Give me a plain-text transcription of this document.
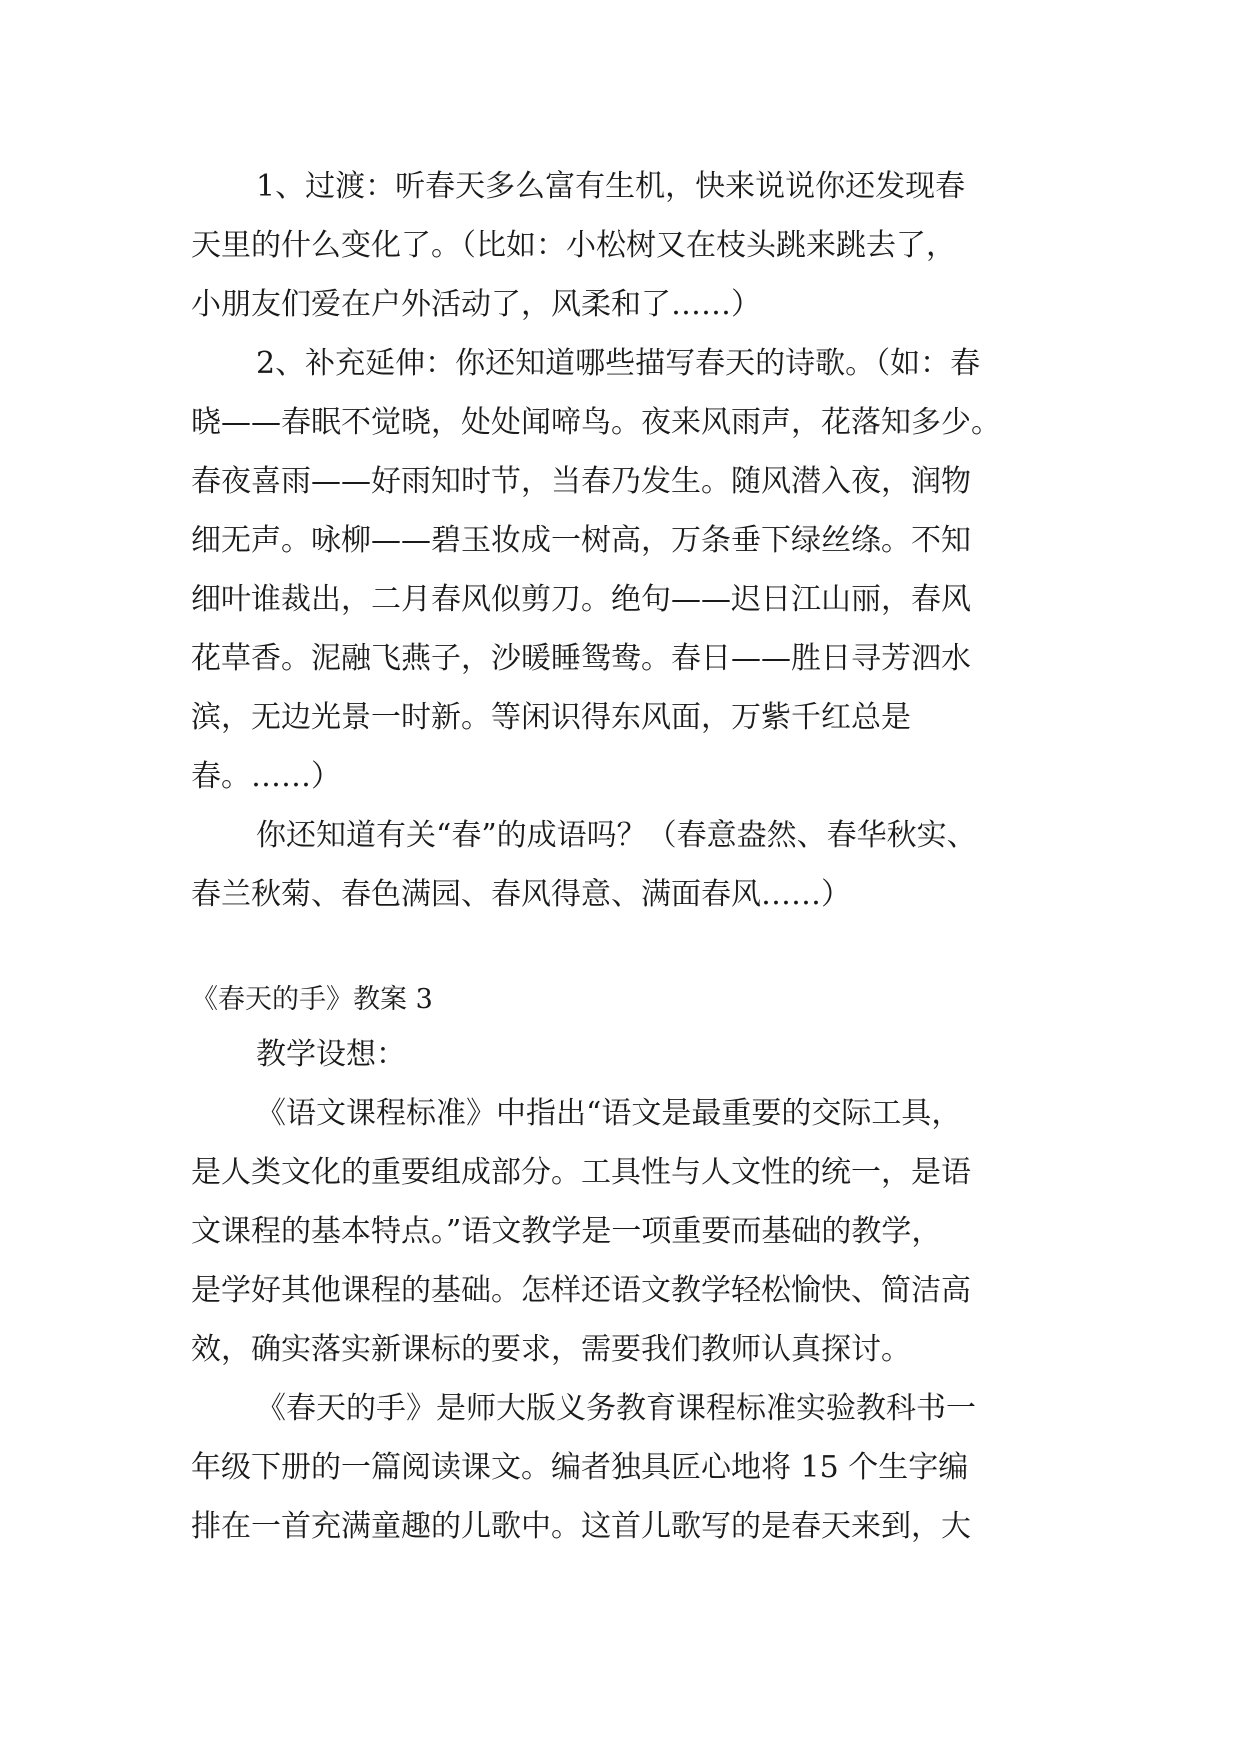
1、过渡：听春天多么富有生机，快来说说你还发现春
天里的什么变化了。（比如：小松树又在枝头跳来跳去了，
小朋友们爱在户外活动了，风柔和了……）
2、补充延伸：你还知道哪些描写春天的诗歌。（如：春
晓——春眠不觉晓，处处闻啼鸟。夜来风雨声，花落知多少。
春夜喜雨——好雨知时节，当春乃发生。随风潜入夜，润物
细无声。咏柳——碧玉妆成一树高，万条垂下绿丝绦。不知
细叶谁裁出，二月春风似剪刀。绝句——迟日江山丽，春风
花草香。泥融飞燕子，沙暖睡鸳鸯。春日——胜日寻芳泗水
滨，无边光景一时新。等闲识得东风面，万紫千红总是
春。……）
你还知道有关“春”的成语吗？（春意盎然、春华秋实、
春兰秋菊、春色满园、春风得意、满面春风……）
《春天的手》教案 3
教学设想：
《语文课程标准》中指出“语文是最重要的交际工具，
是人类文化的重要组成部分。工具性与人文性的统一，是语
文课程的基本特点。”语文教学是一项重要而基础的教学，
是学好其他课程的基础。怎样还语文教学轻松愉快、简洁高
效，确实落实新课标的要求，需要我们教师认真探讨。
《春天的手》是师大版义务教育课程标准实验教科书一
年级下册的一篇阅读课文。编者独具匠心地将 15 个生字编
排在一首充满童趣的儿歌中。这首儿歌写的是春天来到，大
